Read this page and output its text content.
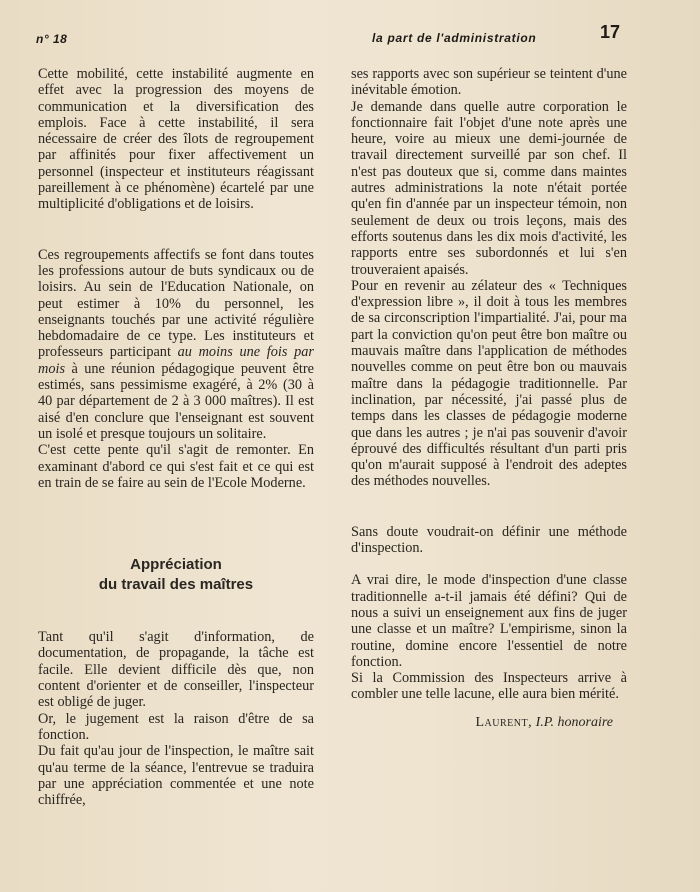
n° 18	la part de l'administration	17

Cette mobilité, cette instabilité augmente en effet avec la progression des moyens de communication et la diversification des emplois. Face à cette instabilité, il sera nécessaire de créer des îlots de regroupement par affinités pour fixer affectivement un personnel (inspecteur et instituteurs réagissant pareillement à ce phénomène) écartelé par une multiplicité d'obligations et de loisirs.

Ces regroupements affectifs se font dans toutes les professions autour de buts syndicaux ou de loisirs. Au sein de l'Education Nationale, on peut estimer à 10% du personnel, les enseignants touchés par une activité régulière hebdomadaire de ce type. Les instituteurs et professeurs participant au moins une fois par mois à une réunion pédagogique peuvent être estimés, sans pessimisme exagéré, à 2% (30 à 40 par département de 2 à 3 000 maîtres). Il est aisé d'en conclure que l'enseignant est souvent un isolé et presque toujours un solitaire.

C'est cette pente qu'il s'agit de remonter. En examinant d'abord ce qui s'est fait et ce qui est en train de se faire au sein de l'Ecole Moderne.

Appréciation
du travail des maîtres

Tant qu'il s'agit d'information, de documentation, de propagande, la tâche est facile. Elle devient difficile dès que, non content d'orienter et de conseiller, l'inspecteur est obligé de juger.

Or, le jugement est la raison d'être de sa fonction.

Du fait qu'au jour de l'inspection, le maître sait qu'au terme de la séance, l'entrevue se traduira par une appréciation commentée et une note chiffrée,

ses rapports avec son supérieur se teintent d'une inévitable émotion.

Je demande dans quelle autre corporation le fonctionnaire fait l'objet d'une note après une heure, voire au mieux une demi-journée de travail directement surveillé par son chef. Il n'est pas douteux que si, comme dans maintes autres administrations la note n'était portée qu'en fin d'année par un inspecteur témoin, non seulement de deux ou trois leçons, mais des efforts soutenus dans les dix mois d'activité, les rapports entre ses subordonnés et lui s'en trouveraient apaisés.

Pour en revenir au zélateur des « Techniques d'expression libre », il doit à tous les membres de sa circonscription l'impartialité. J'ai, pour ma part la conviction qu'on peut être bon maître ou mauvais maître dans l'application de méthodes nouvelles comme on peut être bon ou mauvais maître dans la pédagogie traditionnelle. Par inclination, par nécessité, j'ai passé plus de temps dans les classes de pédagogie moderne que dans les autres ; je n'ai pas souvenir d'avoir éprouvé des difficultés résultant d'un parti pris qu'on m'aurait supposé à l'endroit des adeptes des méthodes nouvelles.

Sans doute voudrait-on définir une méthode d'inspection.

A vrai dire, le mode d'inspection d'une classe traditionnelle a-t-il jamais été défini? Qui de nous a suivi un enseignement aux fins de juger une classe et un maître? L'empirisme, sinon la routine, domine encore l'essentiel de notre fonction.

Si la Commission des Inspecteurs arrive à combler une telle lacune, elle aura bien mérité.

Laurent, I.P. honoraire
